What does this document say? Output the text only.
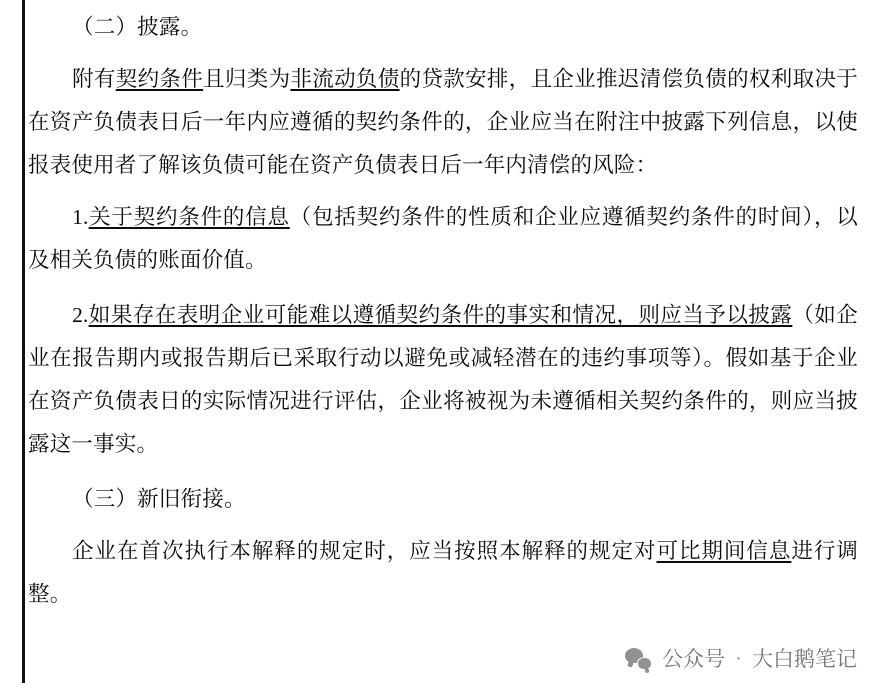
（二）披露。

附有契约条件且归类为非流动负债的贷款安排，且企业推迟清偿负债的权利取决于在资产负债表日后一年内应遵循的契约条件的，企业应当在附注中披露下列信息，以使报表使用者了解该负债可能在资产负债表日后一年内清偿的风险：

1.关于契约条件的信息（包括契约条件的性质和企业应遵循契约条件的时间），以及相关负债的账面价值。

2.如果存在表明企业可能难以遵循契约条件的事实和情况，则应当予以披露（如企业在报告期内或报告期后已采取行动以避免或减轻潜在的违约事项等）。假如基于企业在资产负债表日的实际情况进行评估，企业将被视为未遵循相关契约条件的，则应当披露这一事实。

（三）新旧衔接。

企业在首次执行本解释的规定时，应当按照本解释的规定对可比期间信息进行调整。

公众号 · 大白鹅笔记
